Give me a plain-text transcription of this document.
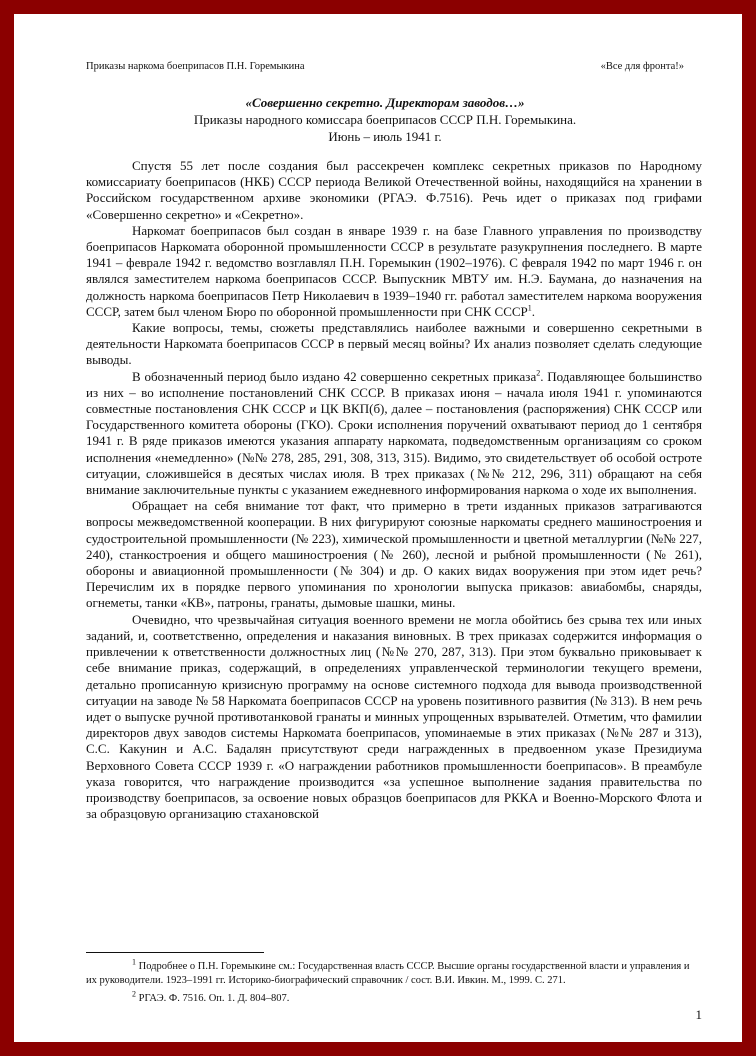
Приказы наркома боеприпасов П.Н. Горемыкина	«Все для фронта!»
«Совершенно секретно. Директорам заводов…»
Приказы народного комиссара боеприпасов СССР П.Н. Горемыкина.
Июнь – июль 1941 г.

Спустя 55 лет после создания был рассекречен комплекс секретных приказов по Народному комиссариату боеприпасов (НКБ) СССР периода Великой Отечественной войны, находящийся на хранении в Российском государственном архиве экономики (РГАЭ. Ф.7516). Речь идет о приказах под грифами «Совершенно секретно» и «Секретно».

Наркомат боеприпасов был создан в январе 1939 г. на базе Главного управления по производству боеприпасов Наркомата оборонной промышленности СССР в результате разукрупнения последнего. В марте 1941 – феврале 1942 г. ведомство возглавлял П.Н. Горемыкин (1902–1976). С февраля 1942 по март 1946 г. он являлся заместителем наркома боеприпасов СССР. Выпускник МВТУ им. Н.Э. Баумана, до назначения на должность наркома боеприпасов Петр Николаевич в 1939–1940 гг. работал заместителем наркома вооружения СССР, затем был членом Бюро по оборонной промышленности при СНК СССР$^1$.

Какие вопросы, темы, сюжеты представлялись наиболее важными и совершенно секретными в деятельности Наркомата боеприпасов СССР в первый месяц войны? Их анализ позволяет сделать следующие выводы.

В обозначенный период было издано 42 совершенно секретных приказа$^2$. Подавляющее большинство из них – во исполнение постановлений СНК СССР. В приказах июня – начала июля 1941 г. упоминаются совместные постановления СНК СССР и ЦК ВКП(б), далее – постановления (распоряжения) СНК СССР или Государственного комитета обороны (ГКО). Сроки исполнения поручений охватывают период до 1 сентября 1941 г. В ряде приказов имеются указания аппарату наркомата, подведомственным организациям со сроком исполнения «немедленно» (№№ 278, 285, 291, 308, 313, 315). Видимо, это свидетельствует об особой остроте ситуации, сложившейся в десятых числах июля. В трех приказах (№№ 212, 296, 311) обращают на себя внимание заключительные пункты с указанием ежедневного информирования наркома о ходе их выполнения.

Обращает на себя внимание тот факт, что примерно в трети изданных приказов затрагиваются вопросы межведомственной кооперации. В них фигурируют союзные наркоматы среднего машиностроения и судостроительной промышленности (№ 223), химической промышленности и цветной металлургии (№№ 227, 240), станкостроения и общего машиностроения (№ 260), лесной и рыбной промышленности (№ 261), обороны и авиационной промышленности (№ 304) и др. О каких видах вооружения при этом идет речь? Перечислим их в порядке первого упоминания по хронологии выпуска приказов: авиабомбы, снаряды, огнеметы, танки «КВ», патроны, гранаты, дымовые шашки, мины.

Очевидно, что чрезвычайная ситуация военного времени не могла обойтись без срыва тех или иных заданий, и, соответственно, определения и наказания виновных. В трех приказах содержится информация о привлечении к ответственности должностных лиц (№№ 270, 287, 313). При этом буквально приковывает к себе внимание приказ, содержащий, в определениях управленческой терминологии текущего времени, детально прописанную кризисную программу на основе системного подхода для вывода производственной ситуации на заводе № 58 Наркомата боеприпасов СССР на уровень позитивного развития (№ 313). В нем речь идет о выпуске ручной противотанковой гранаты и минных упрощенных взрывателей. Отметим, что фамилии директоров двух заводов системы Наркомата боеприпасов, упоминаемые в этих приказах (№№ 287 и 313), С.С. Какунин и А.С. Бадалян присутствуют среди награжденных в предвоенном указе Президиума Верховного Совета СССР 1939 г. «О награждении работников промышленности боеприпасов». В преамбуле указа говорится, что награждение производится «за успешное выполнение задания правительства по производству боеприпасов, за освоение новых образцов боеприпасов для РККА и Военно-Морского Флота и за образцовую организацию стахановской

$^1$ Подробнее о П.Н. Горемыкине см.: Государственная власть СССР. Высшие органы государственной власти и управления и их руководители. 1923–1991 гг. Историко-биографический справочник / сост. В.И. Ивкин. М., 1999. С. 271.

$^2$ РГАЭ. Ф. 7516. Оп. 1. Д. 804–807.

1
